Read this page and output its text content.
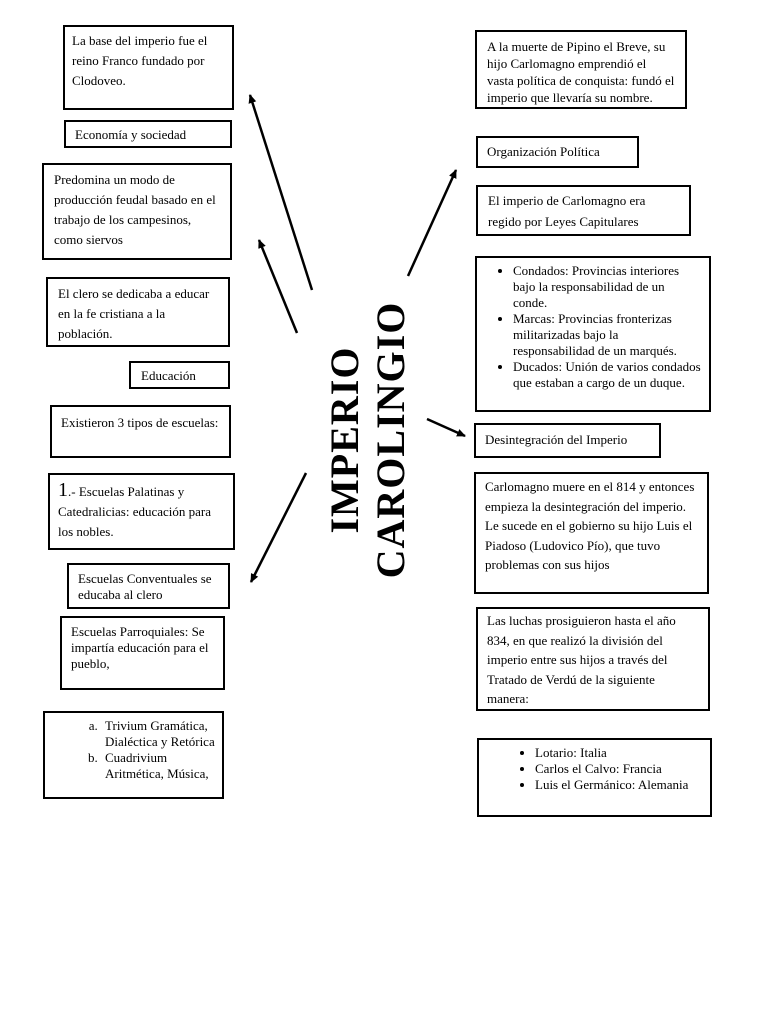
IMPERIO CAROLINGIO

La base del imperio fue el reino Franco fundado por Clodoveo.

Economía y sociedad

Predomina un modo de producción feudal basado en el trabajo de los campesinos, como siervos

El clero se dedicaba a educar en la fe cristiana a la población.

Educación

Existieron 3 tipos de escuelas:

1.- Escuelas Palatinas y Catedralicias: educación para los nobles.

Escuelas Conventuales se educaba al clero

Escuelas Parroquiales: Se impartía educación para el pueblo,

a. Trivium Gramática, Dialéctica y Retórica
b. Cuadrivium Aritmética, Música,

A la muerte de Pipino el Breve, su hijo Carlomagno emprendió el vasta política de conquista: fundó el imperio que llevaría su nombre.

Organización Política

El imperio de Carlomagno era regido por Leyes Capitulares

• Condados: Provincias interiores bajo la responsabilidad de un conde.
• Marcas: Provincias fronterizas militarizadas bajo la responsabilidad de un marqués.
• Ducados: Unión de varios condados que estaban a cargo de un duque.

Desintegración del Imperio

Carlomagno muere en el 814 y entonces empieza la desintegración del imperio. Le sucede en el gobierno su hijo Luis el Piadoso (Ludovico Pío), que tuvo problemas con sus hijos

Las luchas prosiguieron hasta el año 834, en que realizó la división del imperio entre sus hijos a través del Tratado de Verdú de la siguiente manera:

• Lotario: Italia
• Carlos el Calvo: Francia
• Luis el Germánico: Alemania
